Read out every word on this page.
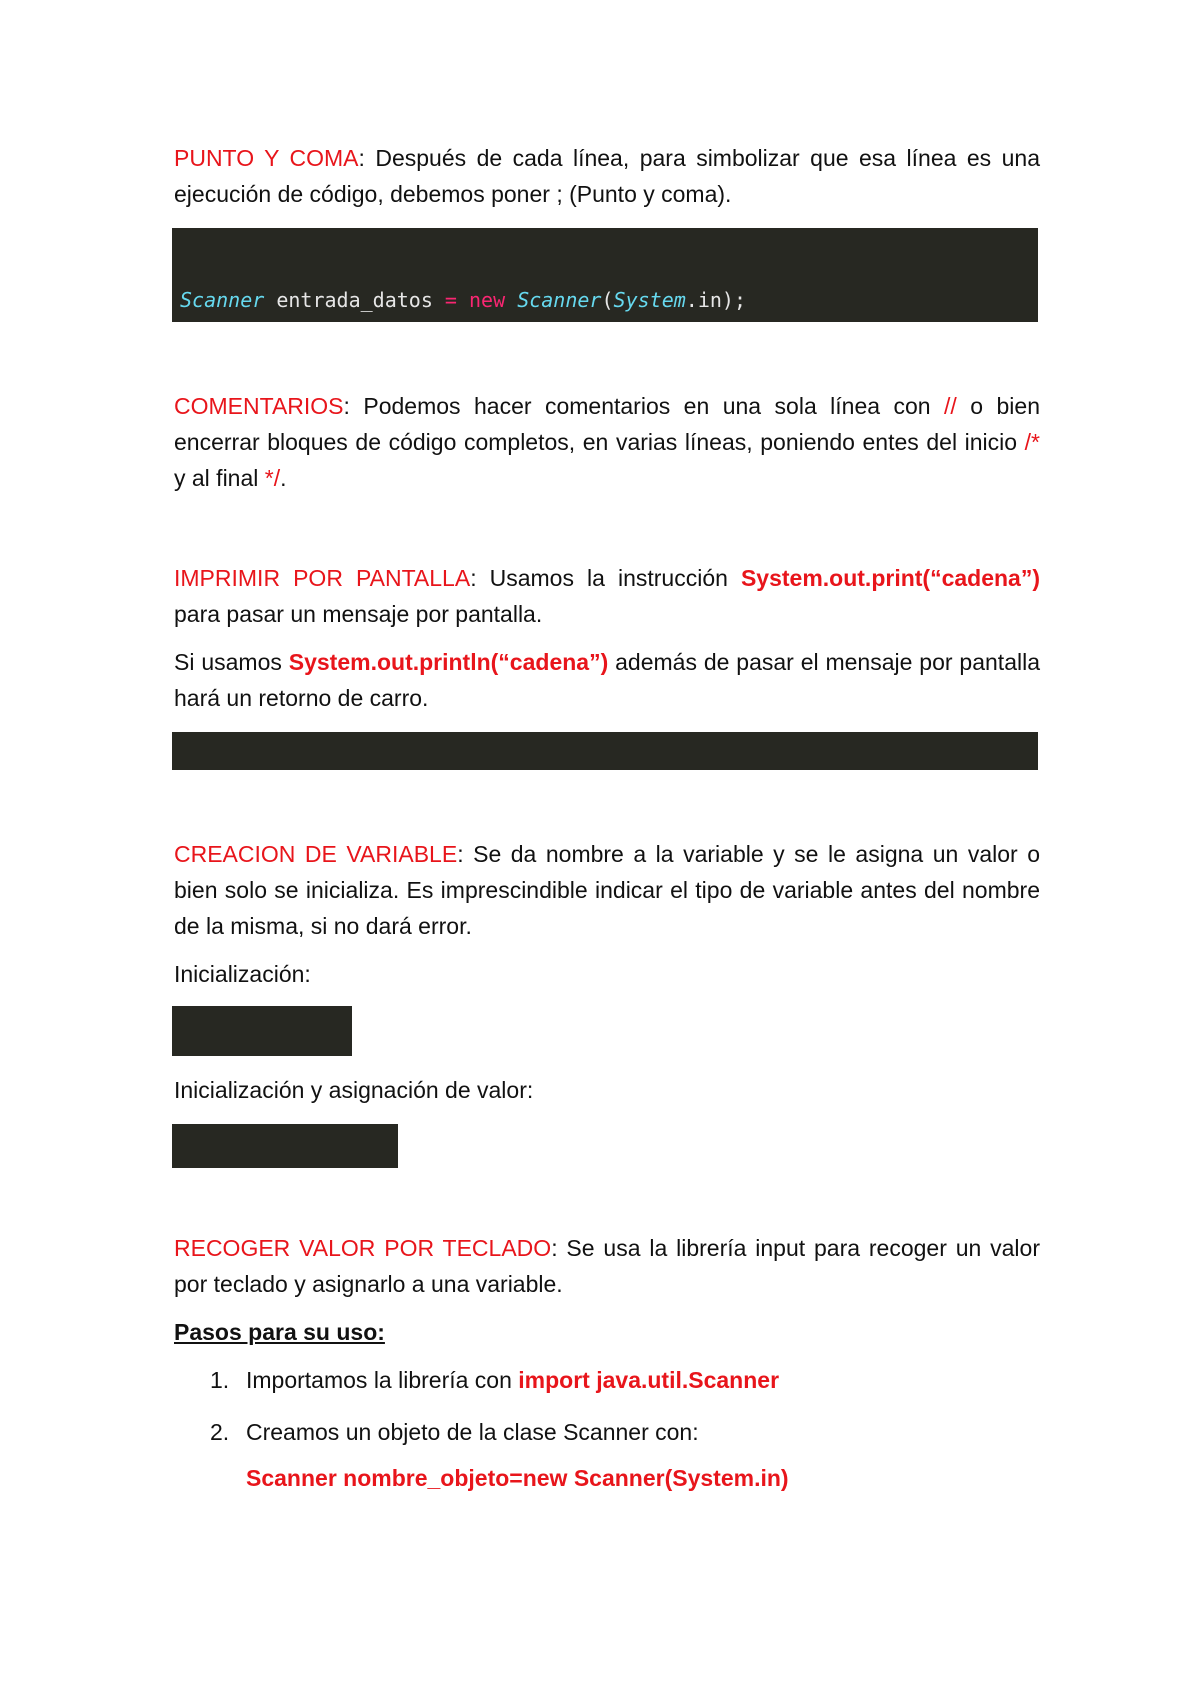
PUNTO Y COMA: Después de cada línea, para simbolizar que esa línea es una ejecución de código, debemos poner ; (Punto y coma).

Scanner entrada_datos = new Scanner(System.in);

COMENTARIOS: Podemos hacer comentarios en una sola línea con // o bien encerrar bloques de código completos, en varias líneas, poniendo entes del inicio /* y al final */.

IMPRIMIR POR PANTALLA: Usamos la instrucción System.out.print(“cadena”) para pasar un mensaje por pantalla.

Si usamos System.out.println(“cadena”) además de pasar el mensaje por pantalla hará un retorno de carro.

CREACION DE VARIABLE: Se da nombre a la variable y se le asigna un valor o bien solo se inicializa. Es imprescindible indicar el tipo de variable antes del nombre de la misma, si no dará error.

Inicialización:

Inicialización y asignación de valor:

RECOGER VALOR POR TECLADO: Se usa la librería input para recoger un valor por teclado y asignarlo a una variable.

Pasos para su uso:

1. Importamos la librería con import java.util.Scanner
2. Creamos un objeto de la clase Scanner con:
Scanner nombre_objeto=new Scanner(System.in)
